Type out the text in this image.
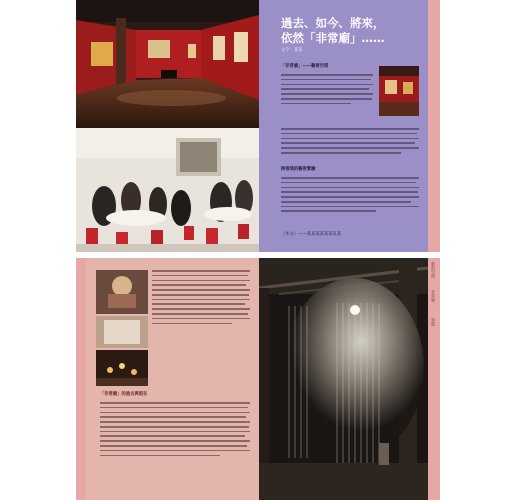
過去、如今、將來，
依然「非常廟」……
文字：某某
「非常廟」——藝術空間
跨領域的藝術實驗
（本文）——某某某某某某某某
「非常廟」的過去與現在
藝術空間
非常廟
專題
